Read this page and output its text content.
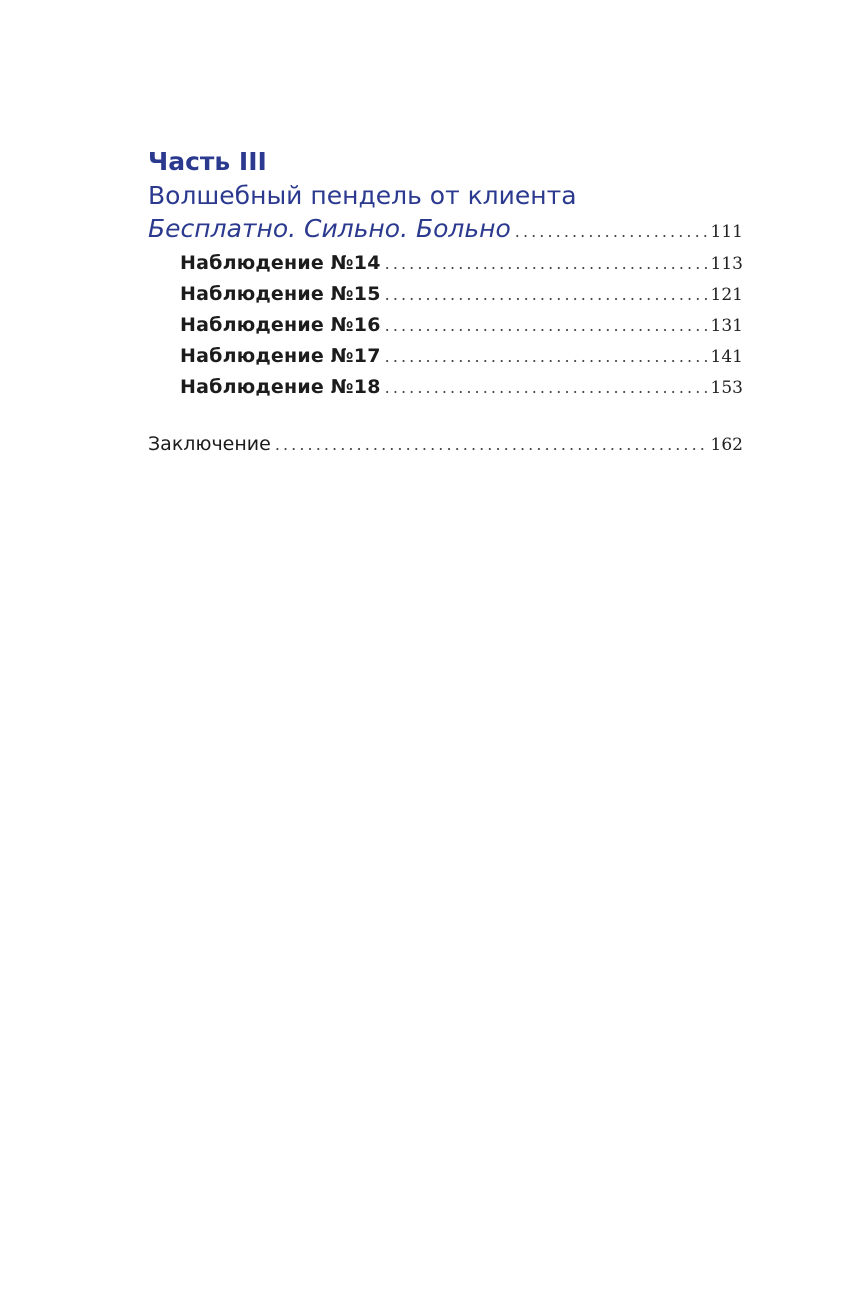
Часть III
Волшебный пендель от клиента
Бесплатно. Сильно. Больно . . .	111
Наблюдение №14 . . .	113
Наблюдение №15 . . .	121
Наблюдение №16 . . .	131
Наблюдение №17 . . .	141
Наблюдение №18 . . .	153
Заключение . . .	162
